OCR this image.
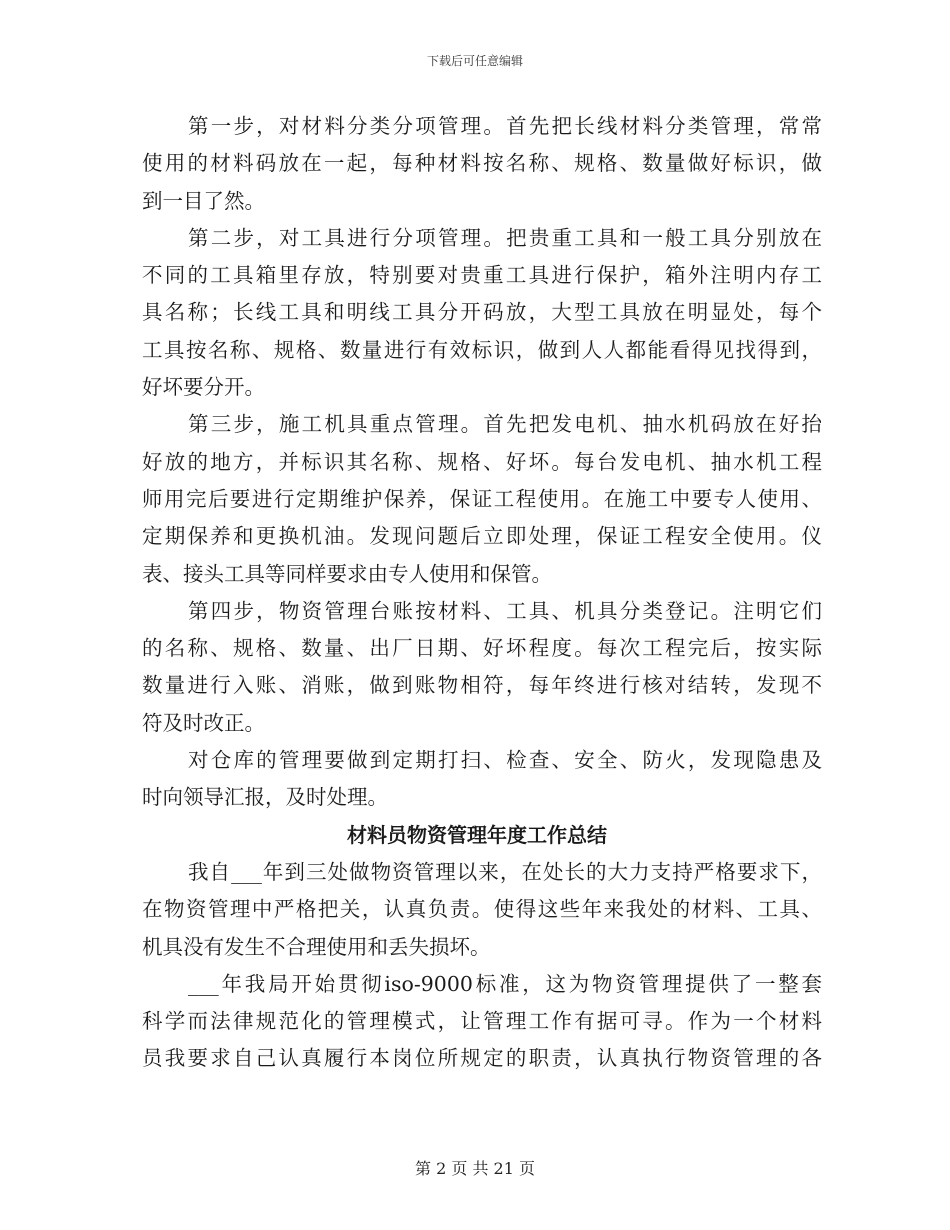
下载后可任意编辑
第一步，对材料分类分项管理。首先把长线材料分类管理，常常
使用的材料码放在一起，每种材料按名称、规格、数量做好标识，做
到一目了然。
第二步，对工具进行分项管理。把贵重工具和一般工具分别放在
不同的工具箱里存放，特别要对贵重工具进行保护，箱外注明内存工
具名称；长线工具和明线工具分开码放，大型工具放在明显处，每个
工具按名称、规格、数量进行有效标识，做到人人都能看得见找得到，
好坏要分开。
第三步，施工机具重点管理。首先把发电机、抽水机码放在好抬
好放的地方，并标识其名称、规格、好坏。每台发电机、抽水机工程
师用完后要进行定期维护保养，保证工程使用。在施工中要专人使用、
定期保养和更换机油。发现问题后立即处理，保证工程安全使用。仪
表、接头工具等同样要求由专人使用和保管。
第四步，物资管理台账按材料、工具、机具分类登记。注明它们
的名称、规格、数量、出厂日期、好坏程度。每次工程完后，按实际
数量进行入账、消账，做到账物相符，每年终进行核对结转，发现不
符及时改正。
对仓库的管理要做到定期打扫、检查、安全、防火，发现隐患及
时向领导汇报，及时处理。
材料员物资管理年度工作总结
我自___年到三处做物资管理以来，在处长的大力支持严格要求下，
在物资管理中严格把关，认真负责。使得这些年来我处的材料、工具、
机具没有发生不合理使用和丢失损坏。
___年我局开始贯彻iso-9000标准，这为物资管理提供了一整套
科学而法律规范化的管理模式，让管理工作有据可寻。作为一个材料
员我要求自己认真履行本岗位所规定的职责，认真执行物资管理的各
第 2 页 共 21 页
